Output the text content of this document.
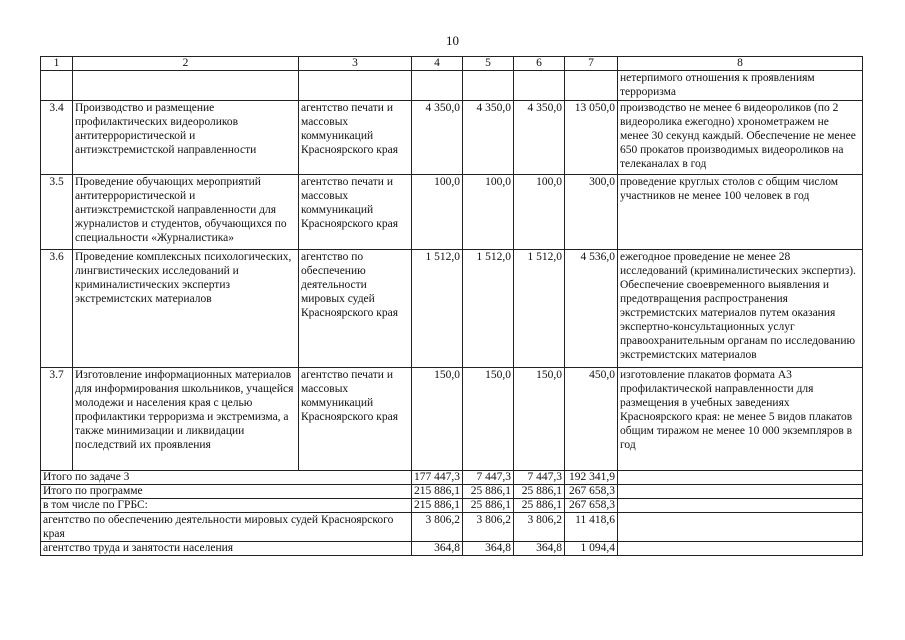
10
1	2	3	4	5	6	7	8
							нетерпимого отношения к проявлениям терроризма
3.4	Производство и размещение профилактических видеороликов антитеррористической и антиэкстремистской направленности	агентство печати и массовых коммуникаций Красноярского края	4 350,0	4 350,0	4 350,0	13 050,0	производство не менее 6 видеороликов (по 2 видеоролика ежегодно) хронометражем не менее 30 секунд каждый. Обеспечение не менее 650 прокатов производимых видеороликов на телеканалах в год
3.5	Проведение обучающих мероприятий антитеррористической и антиэкстремистской направленности для журналистов и студентов, обучающихся по специальности «Журналистика»	агентство печати и массовых коммуникаций Красноярского края	100,0	100,0	100,0	300,0	проведение круглых столов с общим числом участников не менее 100 человек в год
3.6	Проведение комплексных психологических, лингвистических исследований и криминалистических экспертиз экстремистских материалов	агентство по обеспечению деятельности мировых судей Красноярского края	1 512,0	1 512,0	1 512,0	4 536,0	ежегодное проведение не менее 28 исследований (криминалистических экспертиз). Обеспечение своевременного выявления и предотвращения распространения экстремистских материалов путем оказания экспертно-консультационных услуг правоохранительным органам по исследованию экстремистских материалов
3.7	Изготовление информационных материалов для информирования школьников, учащейся молодежи и населения края с целью профилактики терроризма и экстремизма, а также минимизации и ликвидации последствий их проявления	агентство печати и массовых коммуникаций Красноярского края	150,0	150,0	150,0	450,0	изготовление плакатов формата А3 профилактической направленности для размещения в учебных заведениях Красноярского края: не менее 5 видов плакатов общим тиражом не менее 10 000 экземпляров в год
Итого по задаче 3			177 447,3	7 447,3	7 447,3	192 341,9	
Итого по программе			215 886,1	25 886,1	25 886,1	267 658,3	
в том числе по ГРБС:			215 886,1	25 886,1	25 886,1	267 658,3	
агентство по обеспечению деятельности мировых судей Красноярского края			3 806,2	3 806,2	3 806,2	11 418,6	
агентство труда и занятости населения			364,8	364,8	364,8	1 094,4	
